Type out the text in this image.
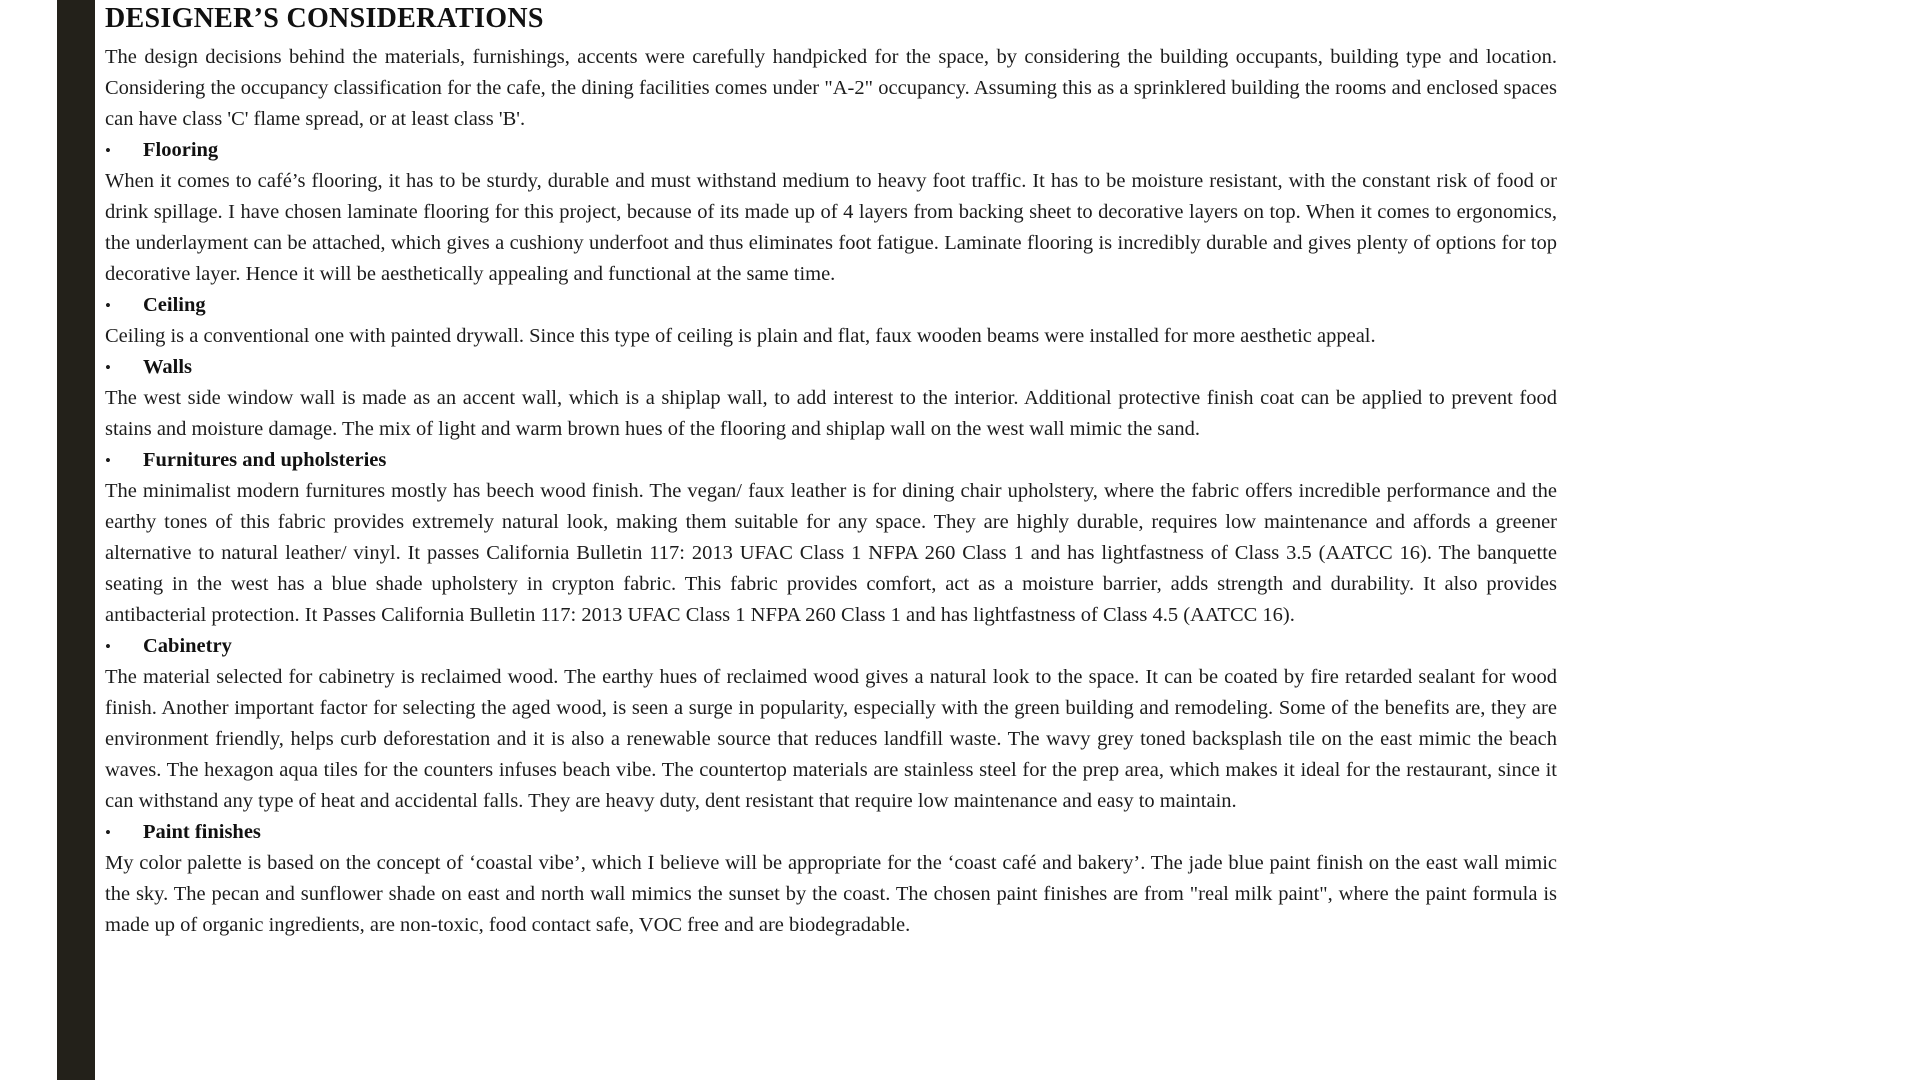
DESIGNER’S CONSIDERATIONS

The design decisions behind the materials, furnishings, accents were carefully handpicked for the space, by considering the building occupants, building type and location. Considering the occupancy classification for the cafe, the dining facilities comes under "A-2" occupancy. Assuming this as a sprinklered building the rooms and enclosed spaces can have class 'C' flame spread, or at least class 'B'.

•	Flooring

When it comes to café’s flooring, it has to be sturdy, durable and must withstand medium to heavy foot traffic. It has to be moisture resistant, with the constant risk of food or drink spillage. I have chosen laminate flooring for this project, because of its made up of 4 layers from backing sheet to decorative layers on top. When it comes to ergonomics, the underlayment can be attached, which gives a cushiony underfoot and thus eliminates foot fatigue. Laminate flooring is incredibly durable and gives plenty of options for top decorative layer. Hence it will be aesthetically appealing and functional at the same time.

•	Ceiling

Ceiling is a conventional one with painted drywall. Since this type of ceiling is plain and flat, faux wooden beams were installed for more aesthetic appeal.

•	Walls

The west side window wall is made as an accent wall, which is a shiplap wall, to add interest to the interior. Additional protective finish coat can be applied to prevent food stains and moisture damage. The mix of light and warm brown hues of the flooring and shiplap wall on the west wall mimic the sand.

•	Furnitures and upholsteries

The minimalist modern furnitures mostly has beech wood finish. The vegan/ faux leather is for dining chair upholstery, where the fabric offers incredible performance and the earthy tones of this fabric provides extremely natural look, making them suitable for any space. They are highly durable, requires low maintenance and affords a greener alternative to natural leather/ vinyl. It passes California Bulletin 117: 2013 UFAC Class 1 NFPA 260 Class 1 and has lightfastness of Class 3.5 (AATCC 16). The banquette seating in the west has a blue shade upholstery in crypton fabric. This fabric provides comfort, act as a moisture barrier, adds strength and durability. It also provides antibacterial protection. It Passes California Bulletin 117: 2013 UFAC Class 1 NFPA 260 Class 1 and has lightfastness of Class 4.5 (AATCC 16).

•	Cabinetry

The material selected for cabinetry is reclaimed wood. The earthy hues of reclaimed wood gives a natural look to the space. It can be coated by fire retarded sealant for wood finish. Another important factor for selecting the aged wood, is seen a surge in popularity, especially with the green building and remodeling. Some of the benefits are, they are environment friendly, helps curb deforestation and it is also a renewable source that reduces landfill waste. The wavy grey toned backsplash tile on the east mimic the beach waves. The hexagon aqua tiles for the counters infuses beach vibe. The countertop materials are stainless steel for the prep area, which makes it ideal for the restaurant, since it can withstand any type of heat and accidental falls. They are heavy duty, dent resistant that require low maintenance and easy to maintain.

•	Paint finishes

My color palette is based on the concept of ‘coastal vibe’, which I believe will be appropriate for the ‘coast café and bakery’. The jade blue paint finish on the east wall mimic the sky. The pecan and sunflower shade on east and north wall mimics the sunset by the coast. The chosen paint finishes are from "real milk paint", where the paint formula is made up of organic ingredients, are non-toxic, food contact safe, VOC free and are biodegradable.
